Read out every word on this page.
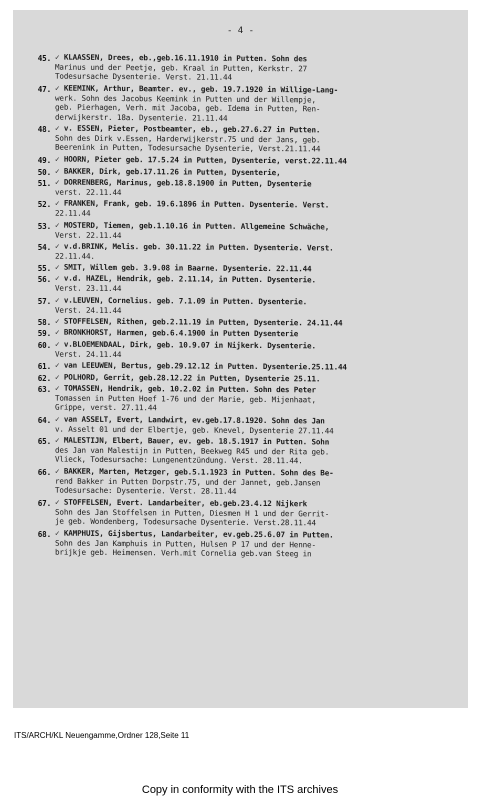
- 4 -
45. ✓ KLAASSEN, Drees, eb.,geb.16.11.1910 in Putten. Sohn des
Marinus und der Peetje, geb. Kraal in Putten, Kerkstr. 27
Todesursache Dysenterie. Verst. 21.11.44
47. ✓ KEEMINK, Arthur, Beamter. ev., geb. 19.7.1920 in Willige-Lang-
werk. Sohn des Jacobus Keemink in Putten und der Willempje,
geb. Pierhagen, Verh. mit Jacoba, geb. Idema in Putten, Ren-
derwijkerstr. 18a. Dysenterie. 21.11.44
48. ✓ v. ESSEN, Pieter, Postbeamter, eb., geb.27.6.27 in Putten.
Sohn des Dirk v.Essen, Harderwijkerstr.75 und der Jans, geb.
Beerenink in Putten, Todesursache Dysenterie, Verst.21.11.44
49. ✓ HOORN, Pieter geb. 17.5.24 in Putten, Dysenterie, verst.22.11.44
50. ✓ BAKKER, Dirk, geb.17.11.26 in Putten, Dysenterie,
51. ✓ DORRENBERG, Marinus, geb.18.8.1900 in Putten, Dysenterie
verst. 22.11.44
52. ✓ FRANKEN, Frank, geb. 19.6.1896 in Putten. Dysenterie. Verst.
22.11.44
53. ✓ MOSTERD, Tiemen, geb.1.10.16 in Putten. Allgemeine Schwäche,
Verst. 22.11.44
54. ✓ v.d.BRINK, Melis. geb. 30.11.22 in Putten. Dysenterie. Verst.
22.11.44.
55. ✓ SMIT, Willem geb. 3.9.08 in Baarne. Dysenterie. 22.11.44
56. ✓ v.d. HAZEL, Hendrik, geb. 2.11.14, in Putten. Dysenterie.
Verst. 23.11.44
57. ✓ v.LEUVEN, Cornelius. geb. 7.1.09 in Putten. Dysenterie.
Verst. 24.11.44
58. ✓ STOFFELSEN, Rithen, geb.2.11.19 in Putten, Dysenterie. 24.11.44
59. ✓ BRONKHORST, Harmen, geb.6.4.1900 in Putten Dysenterie
60. ✓ v.BLOEMENDAAL, Dirk, geb. 10.9.07 in Nijkerk. Dysenterie.
Verst. 24.11.44
61. ✓ van LEEUWEN, Bertus, geb.29.12.12 in Putten. Dysenterie.25.11.44
62. ✓ POLHORD, Gerrit, geb.28.12.22 in Putten, Dysenterie 25.11.
63. ✓ TOMASSEN, Hendrik, geb. 10.2.02 in Putten. Sohn des Peter
Tomassen in Putten Hoef 1-76 und der Marie, geb. Mijenhaat,
Grippe, verst. 27.11.44
64. ✓ van ASSELT, Evert, Landwirt, ev.geb.17.8.1920. Sohn des Jan
v. Asselt 01 und der Elbertje, geb. Knevel, Dysenterie 27.11.44
65. ✓ MALESTIJN, Elbert, Bauer, ev. geb. 18.5.1917 in Putten. Sohn
des Jan van Malestijn in Putten, Beekweg R45 und der Rita geb.
Vlieck, Todesursache: Lungenentzündung. Verst. 28.11.44.
66. ✓ BAKKER, Marten, Metzger, geb.5.1.1923 in Putten. Sohn des Be-
rend Bakker in Putten Dorpstr.75, und der Jannet, geb.Jansen
Todesursache: Dysenterie. Verst. 28.11.44
67. ✓ STOFFELSEN, Evert. Landarbeiter, eb.geb.23.4.12 Nijkerk
Sohn des Jan Stoffelsen in Putten, Diesmen H 1 und der Gerrit-
je geb. Wondenberg, Todesursache Dysenterie. Verst.28.11.44
68. ✓ KAMPHUIS, Gijsbertus, Landarbeiter, ev.geb.25.6.07 in Putten.
Sohn des Jan Kamphuis in Putten, Hulsen P 17 und der Henne-
brijkje geb. Heimensen. Verh.mit Cornelia geb.van Steeg in
ITS/ARCH/KL Neuengamme,Ordner 128,Seite 11
Copy in conformity with the ITS archives
